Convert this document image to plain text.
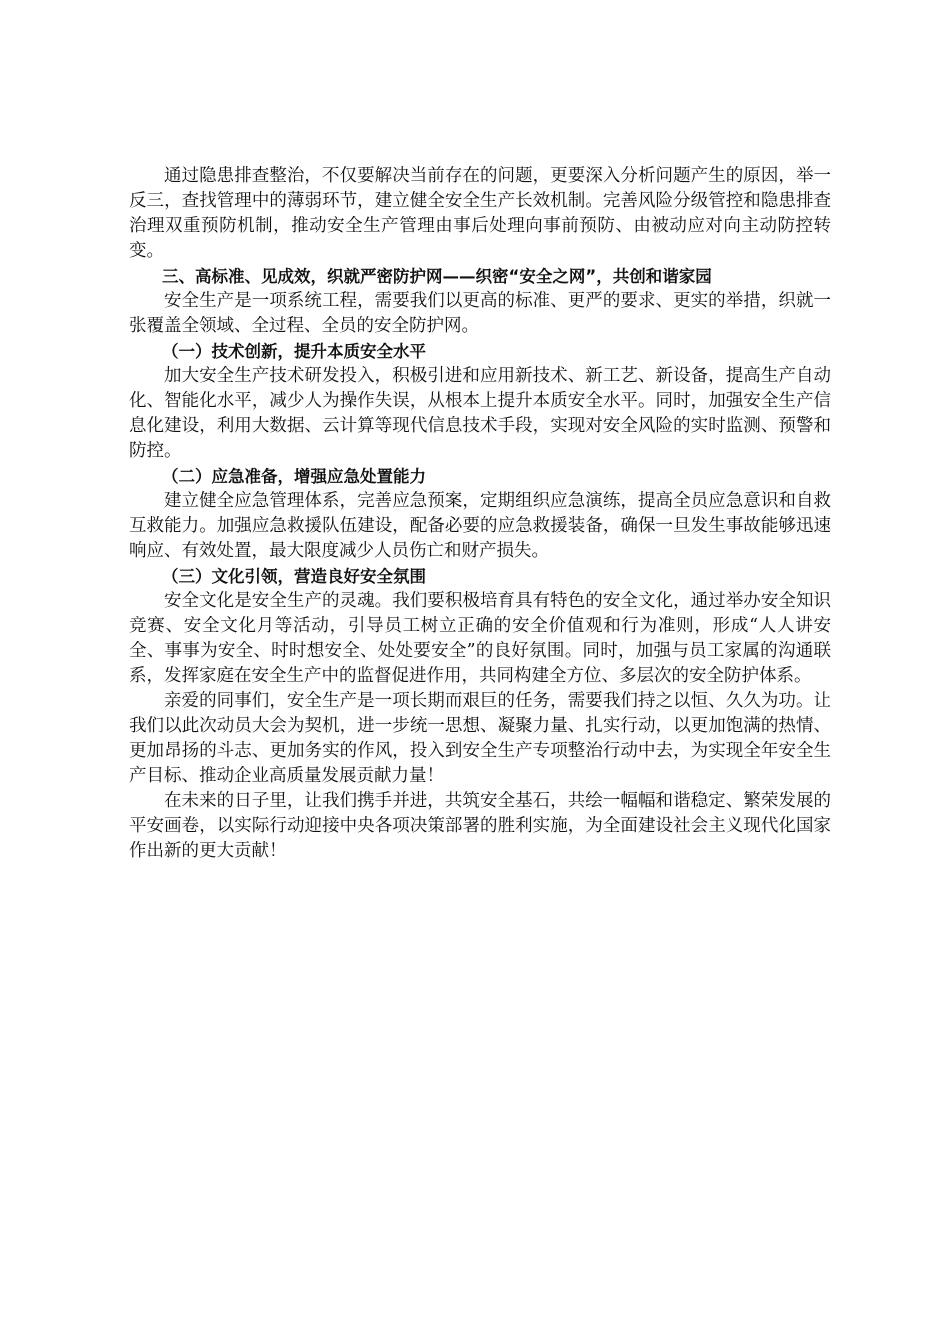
通过隐患排查整治，不仅要解决当前存在的问题，更要深入分析问题产生的原因，举一反三，查找管理中的薄弱环节，建立健全安全生产长效机制。完善风险分级管控和隐患排查治理双重预防机制，推动安全生产管理由事后处理向事前预防、由被动应对向主动防控转变。

三、高标准、见成效，织就严密防护网——织密“安全之网”，共创和谐家园

安全生产是一项系统工程，需要我们以更高的标准、更严的要求、更实的举措，织就一张覆盖全领域、全过程、全员的安全防护网。

（一）技术创新，提升本质安全水平

加大安全生产技术研发投入，积极引进和应用新技术、新工艺、新设备，提高生产自动化、智能化水平，减少人为操作失误，从根本上提升本质安全水平。同时，加强安全生产信息化建设，利用大数据、云计算等现代信息技术手段，实现对安全风险的实时监测、预警和防控。

（二）应急准备，增强应急处置能力

建立健全应急管理体系，完善应急预案，定期组织应急演练，提高全员应急意识和自救互救能力。加强应急救援队伍建设，配备必要的应急救援装备，确保一旦发生事故能够迅速响应、有效处置，最大限度减少人员伤亡和财产损失。

（三）文化引领，营造良好安全氛围

安全文化是安全生产的灵魂。我们要积极培育具有特色的安全文化，通过举办安全知识竞赛、安全文化月等活动，引导员工树立正确的安全价值观和行为准则，形成“人人讲安全、事事为安全、时时想安全、处处要安全”的良好氛围。同时，加强与员工家属的沟通联系，发挥家庭在安全生产中的监督促进作用，共同构建全方位、多层次的安全防护体系。

亲爱的同事们，安全生产是一项长期而艰巨的任务，需要我们持之以恒、久久为功。让我们以此次动员大会为契机，进一步统一思想、凝聚力量、扎实行动，以更加饱满的热情、更加昂扬的斗志、更加务实的作风，投入到安全生产专项整治行动中去，为实现全年安全生产目标、推动企业高质量发展贡献力量！

在未来的日子里，让我们携手并进，共筑安全基石，共绘一幅幅和谐稳定、繁荣发展的平安画卷，以实际行动迎接中央各项决策部署的胜利实施，为全面建设社会主义现代化国家作出新的更大贡献！
